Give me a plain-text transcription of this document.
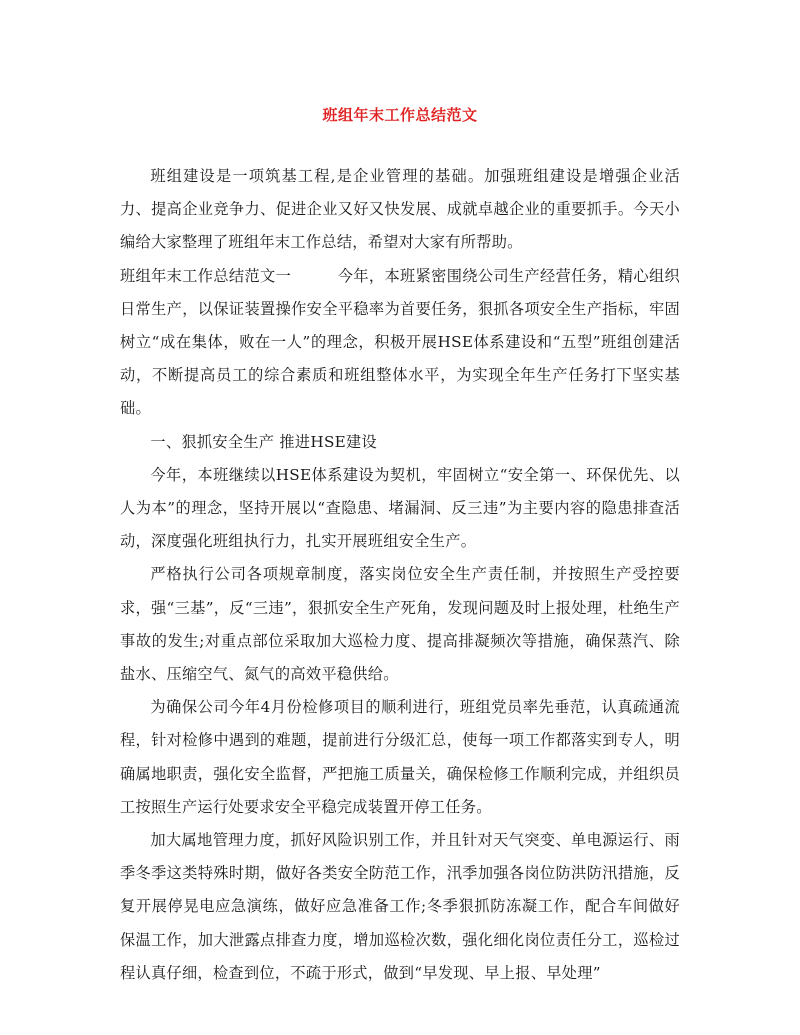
班组年末工作总结范文

班组建设是一项筑基工程,是企业管理的基础。加强班组建设是增强企业活力、提高企业竞争力、促进企业又好又快发展、成就卓越企业的重要抓手。今天小编给大家整理了班组年末工作总结，希望对大家有所帮助。

班组年末工作总结范文一　　　今年，本班紧密围绕公司生产经营任务，精心组织日常生产，以保证装置操作安全平稳率为首要任务，狠抓各项安全生产指标，牢固树立“成在集体，败在一人”的理念，积极开展HSE体系建设和“五型”班组创建活动，不断提高员工的综合素质和班组整体水平，为实现全年生产任务打下坚实基础。

一、狠抓安全生产 推进HSE建设

今年，本班继续以HSE体系建设为契机，牢固树立“安全第一、环保优先、以人为本”的理念，坚持开展以“查隐患、堵漏洞、反三违”为主要内容的隐患排查活动，深度强化班组执行力，扎实开展班组安全生产。

严格执行公司各项规章制度，落实岗位安全生产责任制，并按照生产受控要求，强“三基”，反“三违”，狠抓安全生产死角，发现问题及时上报处理，杜绝生产事故的发生;对重点部位采取加大巡检力度、提高排凝频次等措施，确保蒸汽、除盐水、压缩空气、氮气的高效平稳供给。

为确保公司今年4月份检修项目的顺利进行，班组党员率先垂范，认真疏通流程，针对检修中遇到的难题，提前进行分级汇总，使每一项工作都落实到专人，明确属地职责，强化安全监督，严把施工质量关，确保检修工作顺利完成，并组织员工按照生产运行处要求安全平稳完成装置开停工任务。

加大属地管理力度，抓好风险识别工作，并且针对天气突变、单电源运行、雨季冬季这类特殊时期，做好各类安全防范工作，汛季加强各岗位防洪防汛措施，反复开展停晃电应急演练，做好应急准备工作;冬季狠抓防冻凝工作，配合车间做好保温工作，加大泄露点排查力度，增加巡检次数，强化细化岗位责任分工，巡检过程认真仔细，检查到位，不疏于形式，做到“早发现、早上报、早处理”
